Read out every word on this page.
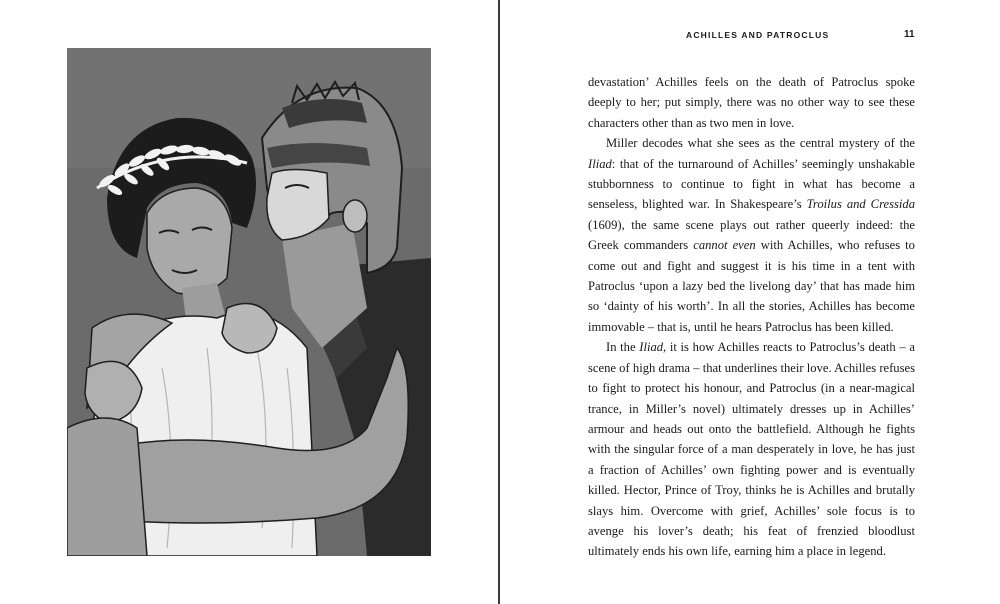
ACHILLES AND PATROCLUS	11

devastation’ Achilles feels on the death of Patroclus spoke deeply to her; put simply, there was no other way to see these characters other than as two men in love.

Miller decodes what she sees as the central mystery of the Iliad: that of the turnaround of Achilles’ seemingly unshakable stubbornness to continue to fight in what has become a senseless, blighted war. In Shakespeare’s Troilus and Cressida (1609), the same scene plays out rather queerly indeed: the Greek commanders cannot even with Achilles, who refuses to come out and fight and suggest it is his time in a tent with Patroclus ‘upon a lazy bed the livelong day’ that has made him so ‘dainty of his worth’. In all the stories, Achilles has become immovable – that is, until he hears Patroclus has been killed.

In the Iliad, it is how Achilles reacts to Patroclus’s death – a scene of high drama – that underlines their love. Achilles refuses to fight to protect his honour, and Patroclus (in a near-magical trance, in Miller’s novel) ultimately dresses up in Achilles’ armour and heads out onto the battlefield. Although he fights with the singular force of a man desperately in love, he has just a fraction of Achilles’ own fighting power and is eventually killed. Hector, Prince of Troy, thinks he is Achilles and brutally slays him. Overcome with grief, Achilles’ sole focus is to avenge his lover’s death; his feat of frenzied bloodlust ultimately ends his own life, earning him a place in legend.
